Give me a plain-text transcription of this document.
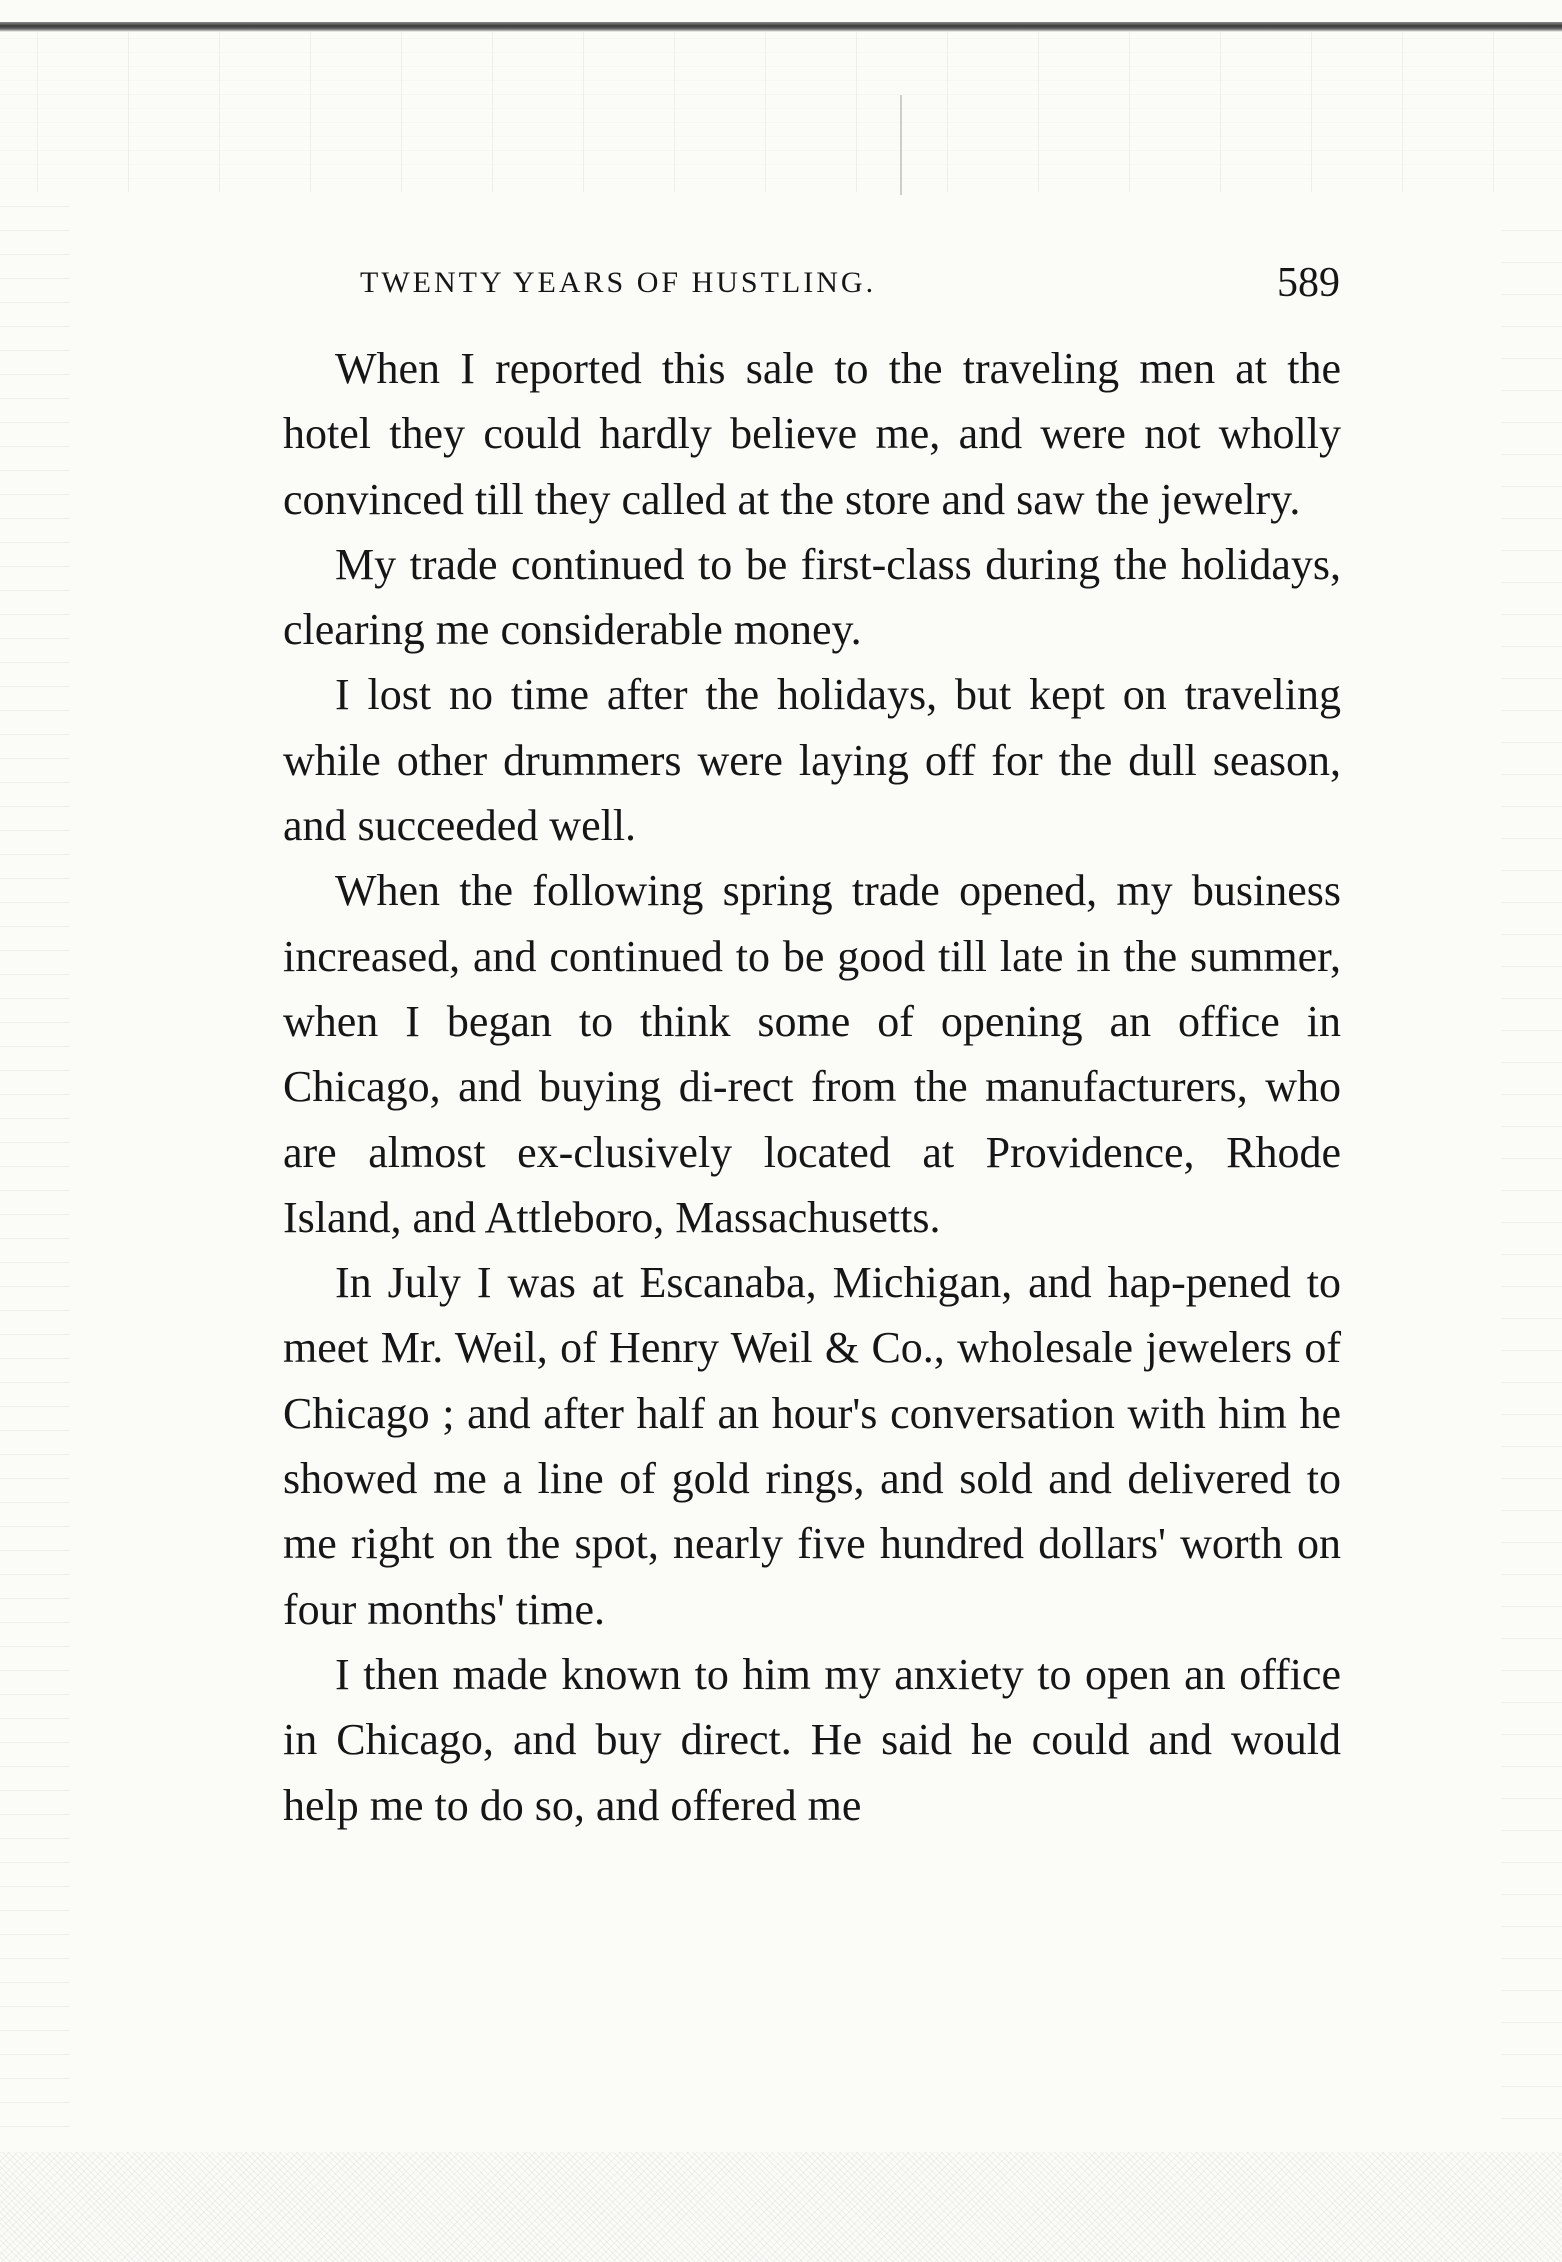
TWENTY YEARS OF HUSTLING.	589

When I reported this sale to the traveling men at the hotel they could hardly believe me, and were not wholly convinced till they called at the store and saw the jewelry.

My trade continued to be first-class during the holidays, clearing me considerable money.

I lost no time after the holidays, but kept on traveling while other drummers were laying off for the dull season, and succeeded well.

When the following spring trade opened, my business increased, and continued to be good till late in the summer, when I began to think some of opening an office in Chicago, and buying di-rect from the manufacturers, who are almost ex-clusively located at Providence, Rhode Island, and Attleboro, Massachusetts.

In July I was at Escanaba, Michigan, and hap-pened to meet Mr. Weil, of Henry Weil & Co., wholesale jewelers of Chicago ; and after half an hour's conversation with him he showed me a line of gold rings, and sold and delivered to me right on the spot, nearly five hundred dollars' worth on four months' time.

I then made known to him my anxiety to open an office in Chicago, and buy direct. He said he could and would help me to do so, and offered me
